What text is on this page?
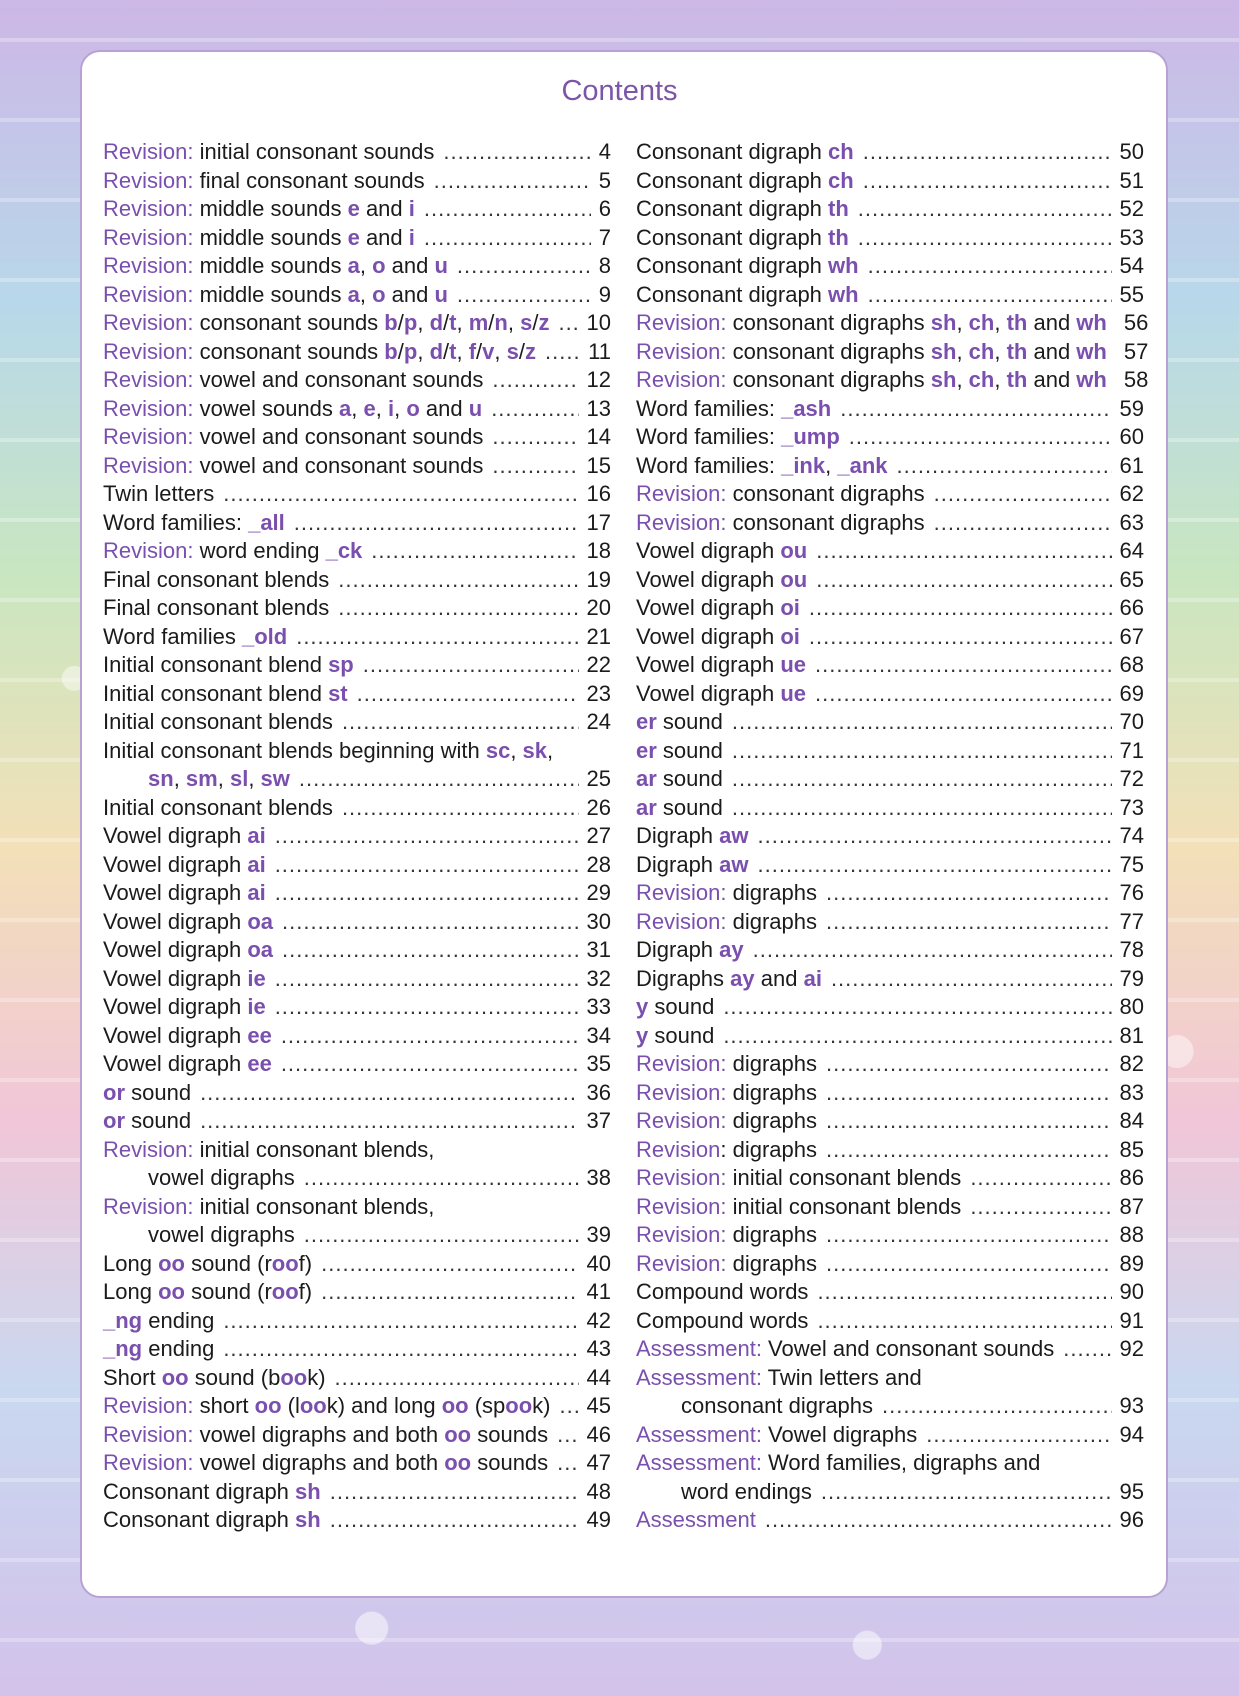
Contents
Revision: initial consonant sounds .....	4
Revision: final consonant sounds .....	5
Revision: middle sounds e and i .....	6
Revision: middle sounds e and i .....	7
Revision: middle sounds a, o and u .....	8
Revision: middle sounds a, o and u .....	9
Revision: consonant sounds b/p, d/t, m/n, s/z ..... 10
Revision: consonant sounds b/p, d/t, f/v, s/z ..... 11
Revision: vowel and consonant sounds .....	12
Revision: vowel sounds a, e, i, o and u .....	13
Revision: vowel and consonant sounds .....	14
Revision: vowel and consonant sounds .....	15
Twin letters .....	16
Word families: _all .....	17
Revision: word ending _ck .....	18
Final consonant blends .....	19
Final consonant blends .....	20
Word families _old .....	21
Initial consonant blend sp .....	22
Initial consonant blend st .....	23
Initial consonant blends .....	24
Initial consonant blends beginning with sc, sk,
sn, sm, sl, sw .....	25
Initial consonant blends .....	26
Vowel digraph ai .....	27
Vowel digraph ai .....	28
Vowel digraph ai .....	29
Vowel digraph oa .....	30
Vowel digraph oa .....	31
Vowel digraph ie .....	32
Vowel digraph ie .....	33
Vowel digraph ee .....	34
Vowel digraph ee .....	35
or sound .....	36
or sound .....	37
Revision: initial consonant blends,
vowel digraphs .....	38
Revision: initial consonant blends,
vowel digraphs .....	39
Long oo sound (roof) .....	40
Long oo sound (roof) .....	41
_ng ending .....	42
_ng ending .....	43
Short oo sound (book) .....	44
Revision: short oo (look) and long oo (spook) ..... 45
Revision: vowel digraphs and both oo sounds ..... 46
Revision: vowel digraphs and both oo sounds ..... 47
Consonant digraph sh .....	48
Consonant digraph sh .....	49
Consonant digraph ch .....	50
Consonant digraph ch .....	51
Consonant digraph th .....	52
Consonant digraph th .....	53
Consonant digraph wh .....	54
Consonant digraph wh .....	55
Revision: consonant digraphs sh, ch, th and wh 56
Revision: consonant digraphs sh, ch, th and wh 57
Revision: consonant digraphs sh, ch, th and wh 58
Word families: _ash .....	59
Word families: _ump .....	60
Word families: _ink, _ank .....	61
Revision: consonant digraphs .....	62
Revision: consonant digraphs .....	63
Vowel digraph ou .....	64
Vowel digraph ou .....	65
Vowel digraph oi .....	66
Vowel digraph oi .....	67
Vowel digraph ue .....	68
Vowel digraph ue .....	69
er sound .....	70
er sound .....	71
ar sound .....	72
ar sound .....	73
Digraph aw .....	74
Digraph aw .....	75
Revision: digraphs .....	76
Revision: digraphs .....	77
Digraph ay .....	78
Digraphs ay and ai .....	79
y sound .....	80
y sound .....	81
Revision: digraphs .....	82
Revision: digraphs .....	83
Revision: digraphs .....	84
Revision: digraphs .....	85
Revision: initial consonant blends .....	86
Revision: initial consonant blends .....	87
Revision: digraphs .....	88
Revision: digraphs .....	89
Compound words .....	90
Compound words .....	91
Assessment: Vowel and consonant sounds .....	92
Assessment: Twin letters and
consonant digraphs .....	93
Assessment: Vowel digraphs .....	94
Assessment: Word families, digraphs and
word endings .....	95
Assessment .....	96
